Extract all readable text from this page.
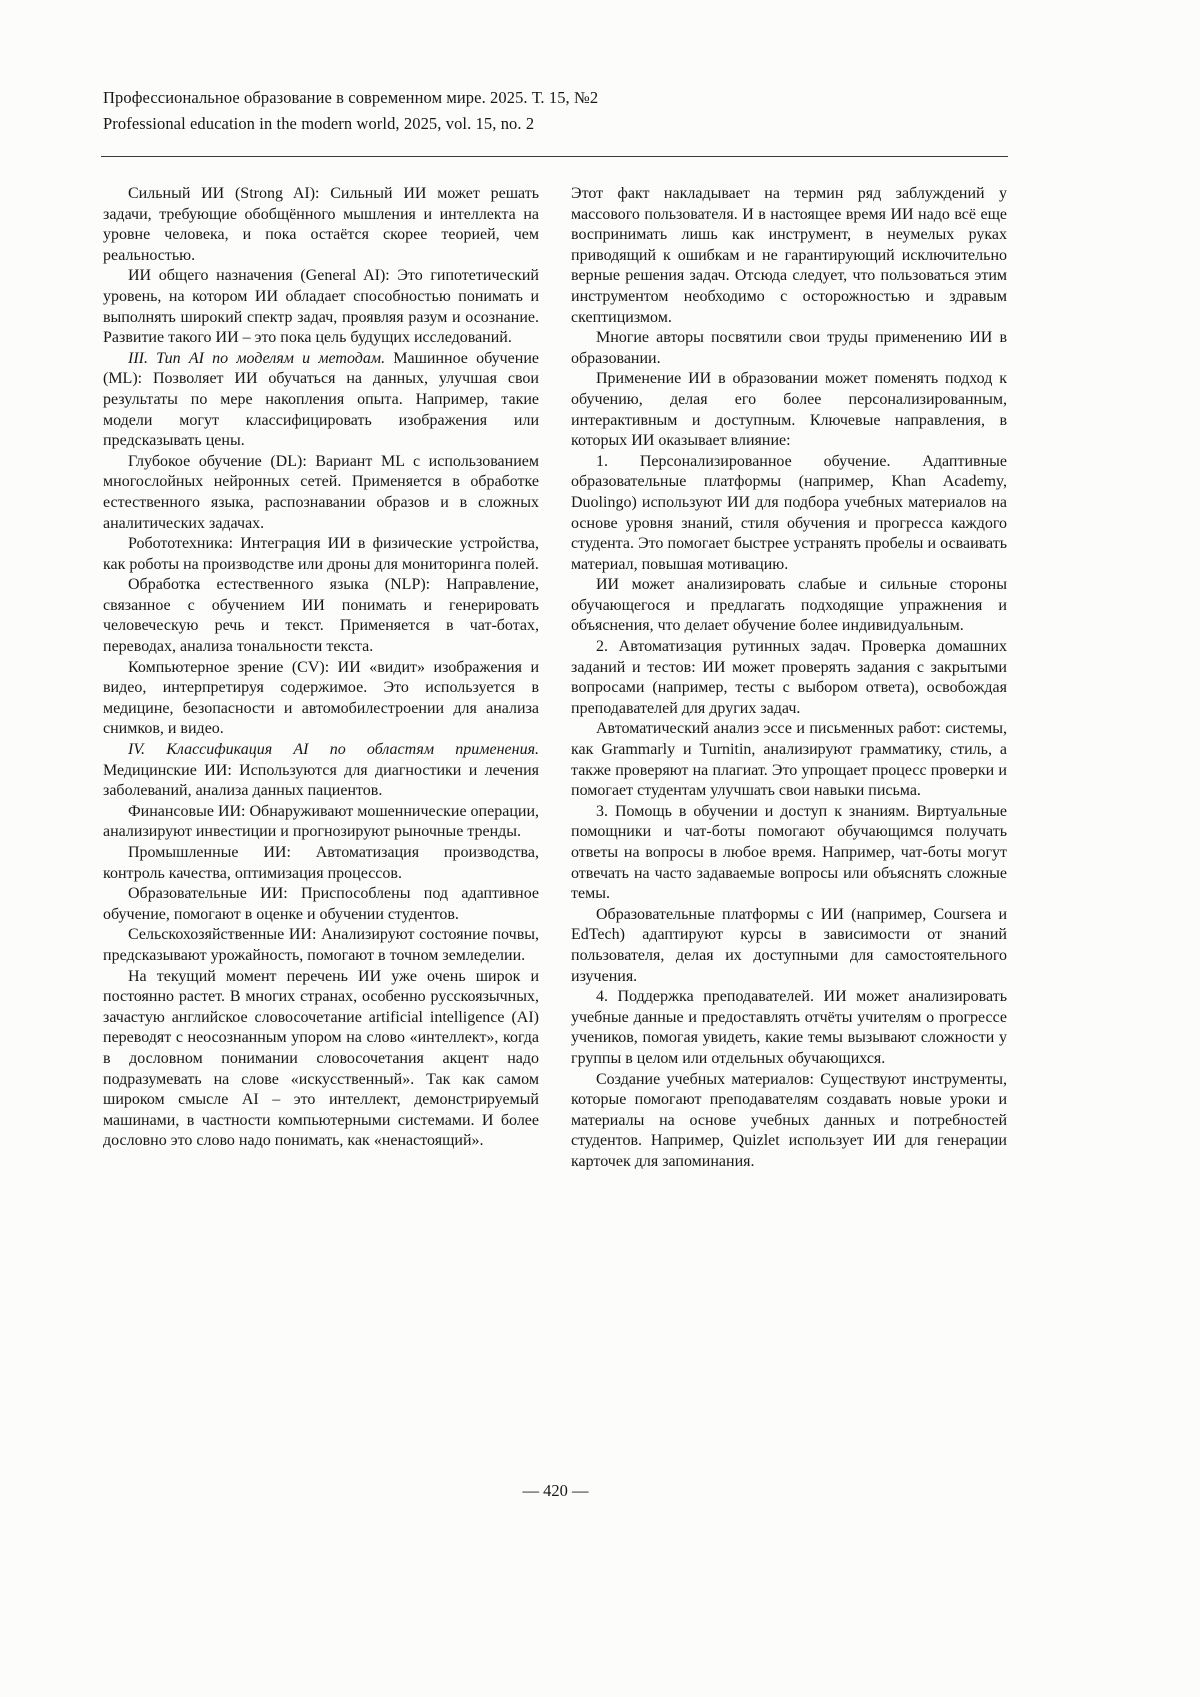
Профессиональное образование в современном мире. 2025. Т. 15, №2
Professional education in the modern world, 2025, vol. 15, no. 2

Сильный ИИ (Strong AI): Сильный ИИ может решать задачи, требующие обобщённого мышления и интеллекта на уровне человека, и пока остаётся скорее теорией, чем реальностью.

ИИ общего назначения (General AI): Это гипотетический уровень, на котором ИИ обладает способностью понимать и выполнять широкий спектр задач, проявляя разум и осознание. Развитие такого ИИ – это пока цель будущих исследований.

III. Тип AI по моделям и методам. Машинное обучение (ML): Позволяет ИИ обучаться на данных, улучшая свои результаты по мере накопления опыта. Например, такие модели могут классифицировать изображения или предсказывать цены.

Глубокое обучение (DL): Вариант ML с использованием многослойных нейронных сетей. Применяется в обработке естественного языка, распознавании образов и в сложных аналитических задачах.

Робототехника: Интеграция ИИ в физические устройства, как роботы на производстве или дроны для мониторинга полей.

Обработка естественного языка (NLP): Направление, связанное с обучением ИИ понимать и генерировать человеческую речь и текст. Применяется в чат-ботах, переводах, анализа тональности текста.

Компьютерное зрение (CV): ИИ «видит» изображения и видео, интерпретируя содержимое. Это используется в медицине, безопасности и автомобилестроении для анализа снимков, и видео.

IV. Классификация AI по областям применения. Медицинские ИИ: Используются для диагностики и лечения заболеваний, анализа данных пациентов.

Финансовые ИИ: Обнаруживают мошеннические операции, анализируют инвестиции и прогнозируют рыночные тренды.

Промышленные ИИ: Автоматизация производства, контроль качества, оптимизация процессов.

Образовательные ИИ: Приспособлены под адаптивное обучение, помогают в оценке и обучении студентов.

Сельскохозяйственные ИИ: Анализируют состояние почвы, предсказывают урожайность, помогают в точном земледелии.

На текущий момент перечень ИИ уже очень широк и постоянно растет. В многих странах, особенно русскоязычных, зачастую английское словосочетание artificial intelligence (AI) переводят с неосознанным упором на слово «интеллект», когда в дословном понимании словосочетания акцент надо подразумевать на слове «искусственный». Так как самом широком смысле AI – это интеллект, демонстрируемый машинами, в частности компьютерными системами. И более дословно это слово надо понимать, как «ненастоящий».

Этот факт накладывает на термин ряд заблуждений у массового пользователя. И в настоящее время ИИ надо всё еще воспринимать лишь как инструмент, в неумелых руках приводящий к ошибкам и не гарантирующий исключительно верные решения задач. Отсюда следует, что пользоваться этим инструментом необходимо с осторожностью и здравым скептицизмом.

Многие авторы посвятили свои труды применению ИИ в образовании.

Применение ИИ в образовании может поменять подход к обучению, делая его более персонализированным, интерактивным и доступным. Ключевые направления, в которых ИИ оказывает влияние:

1. Персонализированное обучение. Адаптивные образовательные платформы (например, Khan Academy, Duolingo) используют ИИ для подбора учебных материалов на основе уровня знаний, стиля обучения и прогресса каждого студента. Это помогает быстрее устранять пробелы и осваивать материал, повышая мотивацию.

ИИ может анализировать слабые и сильные стороны обучающегося и предлагать подходящие упражнения и объяснения, что делает обучение более индивидуальным.

2. Автоматизация рутинных задач. Проверка домашних заданий и тестов: ИИ может проверять задания с закрытыми вопросами (например, тесты с выбором ответа), освобождая преподавателей для других задач.

Автоматический анализ эссе и письменных работ: системы, как Grammarly и Turnitin, анализируют грамматику, стиль, а также проверяют на плагиат. Это упрощает процесс проверки и помогает студентам улучшать свои навыки письма.

3. Помощь в обучении и доступ к знаниям. Виртуальные помощники и чат-боты помогают обучающимся получать ответы на вопросы в любое время. Например, чат-боты могут отвечать на часто задаваемые вопросы или объяснять сложные темы.

Образовательные платформы с ИИ (например, Coursera и EdTech) адаптируют курсы в зависимости от знаний пользователя, делая их доступными для самостоятельного изучения.

4. Поддержка преподавателей. ИИ может анализировать учебные данные и предоставлять отчёты учителям о прогрессе учеников, помогая увидеть, какие темы вызывают сложности у группы в целом или отдельных обучающихся.

Создание учебных материалов: Существуют инструменты, которые помогают преподавателям создавать новые уроки и материалы на основе учебных данных и потребностей студентов. Например, Quizlet использует ИИ для генерации карточек для запоминания.

— 420 —
